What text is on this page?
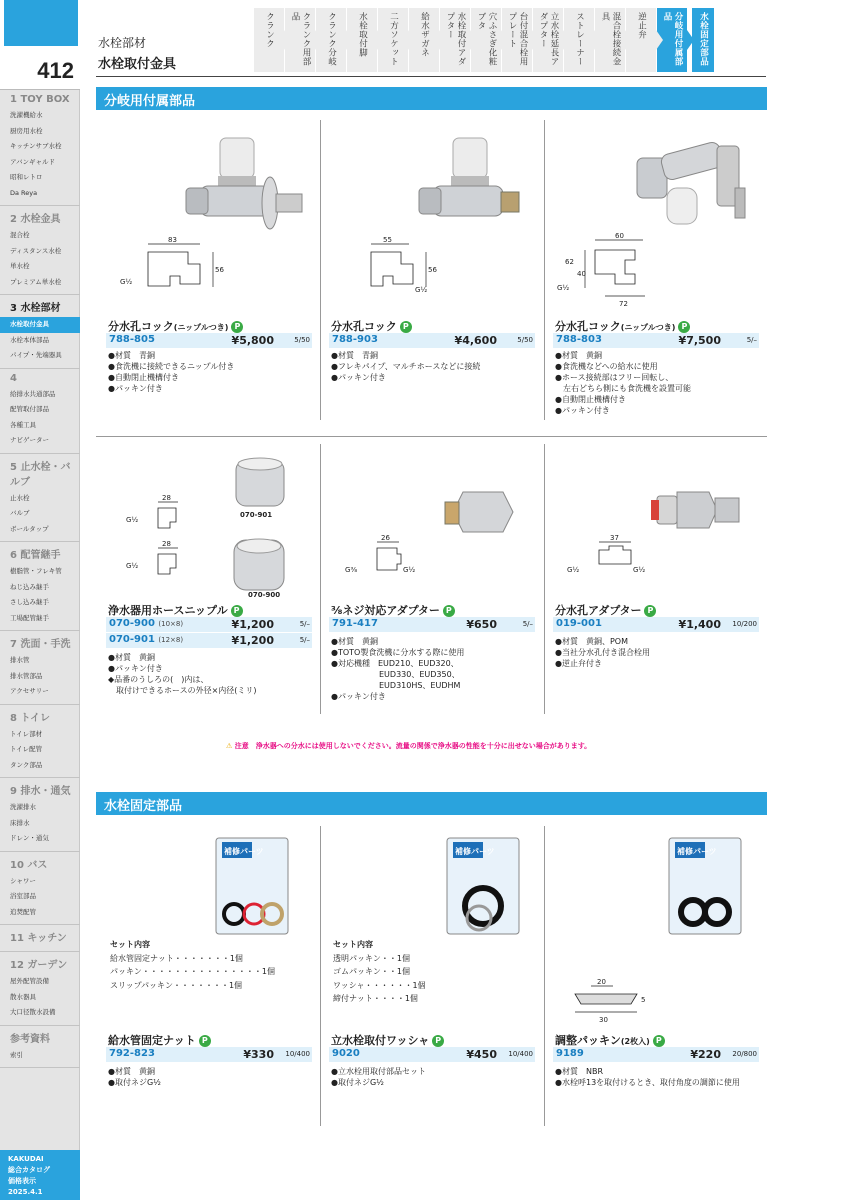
412
1 TOY BOX
洗濯機給水
厨房用水栓
キッチンサブ水栓
アバンギャルド
昭和レトロ
Da Reya
2 水栓金具
混合栓
ディスタンス水栓
単水栓
プレミアム単水栓
3 水栓部材
水栓取付金具
水栓本体部品
パイプ・先端器具
4
給排水共通部品
配管取付部品
各種工具
ナビゲーター
5 止水栓・バルブ
止水栓
バルブ
ボールタップ
6 配管継手
樹脂管・フレキ管
ねじ込み継手
さし込み継手
工場配管継手
7 洗面・手洗
排水管
排水管部品
アクセサリー
8 トイレ
トイレ部材
トイレ配管
タンク部品
9 排水・通気
洗濯排水
床排水
ドレン・通気
10 バス
シャワー
浴室部品
追焚配管
11 キッチン
12 ガーデン
屋外配管設備
散水器具
大口径散水設備
参考資料
索引
KAKUDAI
総合カタログ
価格表示
2025.4.1
水栓部材
水栓取付金具
クランク	クランク用部品	クランク分岐 水栓取付脚 二方ソケット 給水ザガネ	水栓取付アダプター	穴ふさぎ化粧ブタ	台付混合栓用プレート	立水栓延長アダプター	ストレーナー	混合栓接続金具	逆止弁	分岐用付属部品	水栓固定部品
分岐用付属部品
水栓固定部品
83
56
G½
分水孔コック(ニップルつき) P
788-805	¥5,800	5/50
●材質　青銅
●食洗機に接続できるニップル付き
●自動閉止機構付き
●パッキン付き
55
56
G½
分水孔コック P
788-903	¥4,600	5/50
●材質　青銅
●フレキパイプ、マルチホースなどに接続
●パッキン付き
60
62
40
72
G½
分水孔コック(ニップルつき) P
788-803	¥7,500	5/–
●材質　黄銅
●食洗機などへの給水に使用
●ホース接続部はフリー回転し、
　左右どちら側にも食洗機を設置可能
●自動閉止機構付き
●パッキン付き
070-901
070-900
28
28
G½
G½
浄水器用ホースニップル P
070-900 (10×8)	¥1,200	5/–
070-901 (12×8)	¥1,200	5/–
●材質　黄銅
●パッキン付き
◆品番のうしろの(　)内は、
　取付けできるホースの外径×内径(ミリ)
26
G⅜	G½
⅜ネジ対応アダプター P
791-417	¥650	5/–
●材質　黄銅
●TOTO製食洗機に分水する際に使用
●対応機種　EUD210、EUD320、
　　　　　　EUD330、EUD350、
　　　　　　EUD310HS、EUDHM
●パッキン付き
37
G½	G½
分水孔アダプター P
019-001	¥1,400 10/200
●材質　黄銅、POM
●当社分水孔付き混合栓用
●逆止弁付き
⚠ 注意　 浄水器への分水には使用しないでください。流量の関係で浄水器の性能を十分に出せない場合があります。
補修パーツ
セット内容
給水管固定ナット・・・・・・・1個
パッキン・・・・・・・・・・・・・・・1個
スリップパッキン・・・・・・・1個
給水管固定ナット P
792-823	¥330 10/400
●材質　黄銅
●取付ネジG½
補修パーツ
セット内容
透明パッキン・・1個
ゴムパッキン・・1個
ワッシャ・・・・・・1個
締付ナット・・・・1個
立水栓取付ワッシャ P
9020	¥450 10/400
●立水栓用取付部品セット
●取付ネジG½
補修パーツ
20
30
5
調整パッキン(2枚入) P
9189	¥220 20/800
●材質　NBR
●水栓呼13を取付けるとき、取付角度の調節に使用
